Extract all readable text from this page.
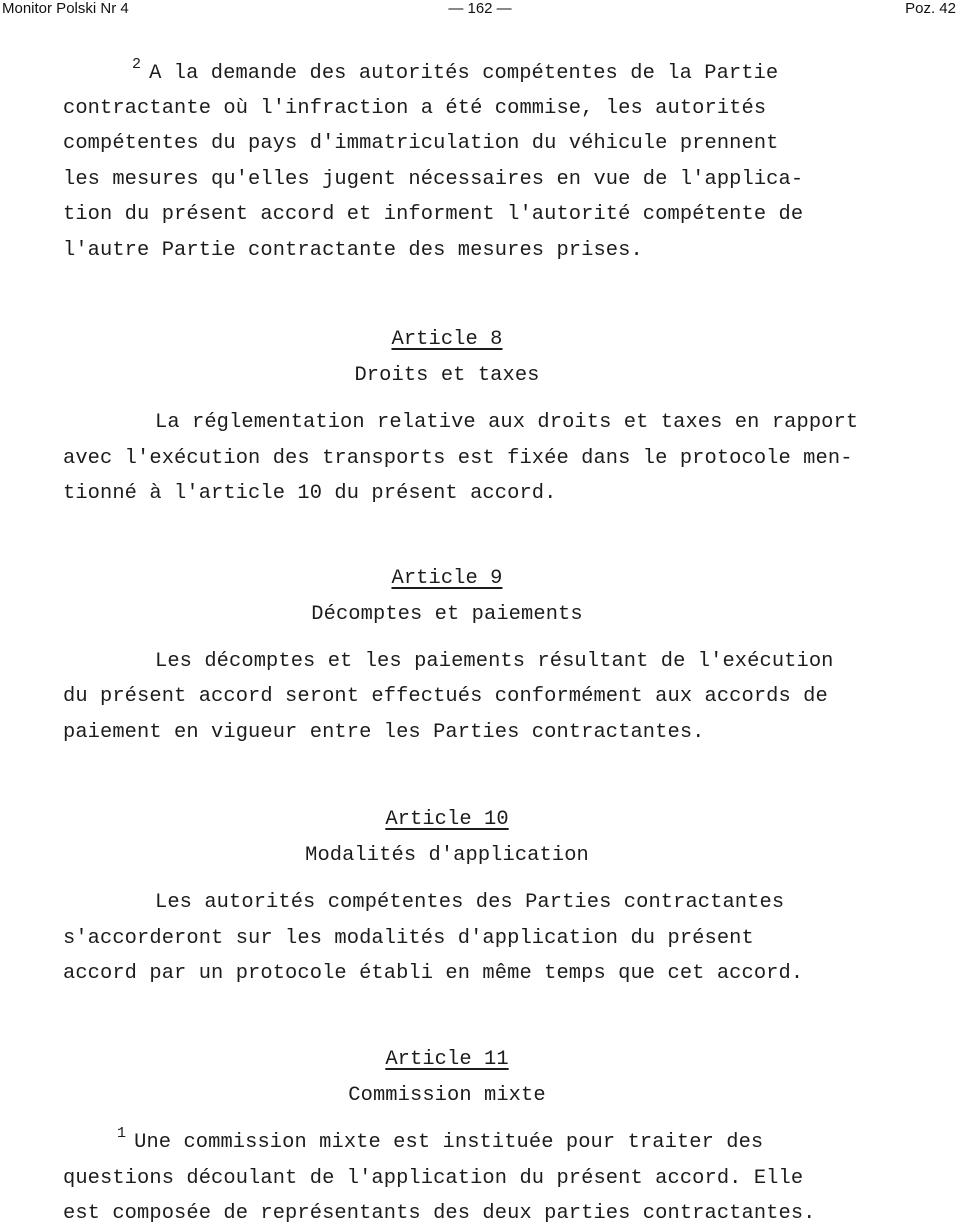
Monitor Polski Nr 4	— 162 —	Poz. 42
$^2$ A la demande des autorités compétentes de la Partie
contractante où l'infraction a été commise, les autorités
compétentes du pays d'immatriculation du véhicule prennent
les mesures qu'elles jugent nécessaires en vue de l'applica-
tion du présent accord et informent l'autorité compétente de
l'autre Partie contractante des mesures prises.
Article 8
Droits et taxes
La réglementation relative aux droits et taxes en rapport
avec l'exécution des transports est fixée dans le protocole men-
tionné à l'article 10 du présent accord.
Article 9
Décomptes et paiements
Les décomptes et les paiements résultant de l'exécution
du présent accord seront effectués conformément aux accords de
paiement en vigueur entre les Parties contractantes.
Article 10
Modalités d'application
Les autorités compétentes des Parties contractantes
s'accorderont sur les modalités d'application du présent
accord par un protocole établi en même temps que cet accord.
Article 11
Commission mixte
$^1$ Une commission mixte est instituée pour traiter des
questions découlant de l'application du présent accord. Elle
est composée de représentants des deux parties contractantes.
